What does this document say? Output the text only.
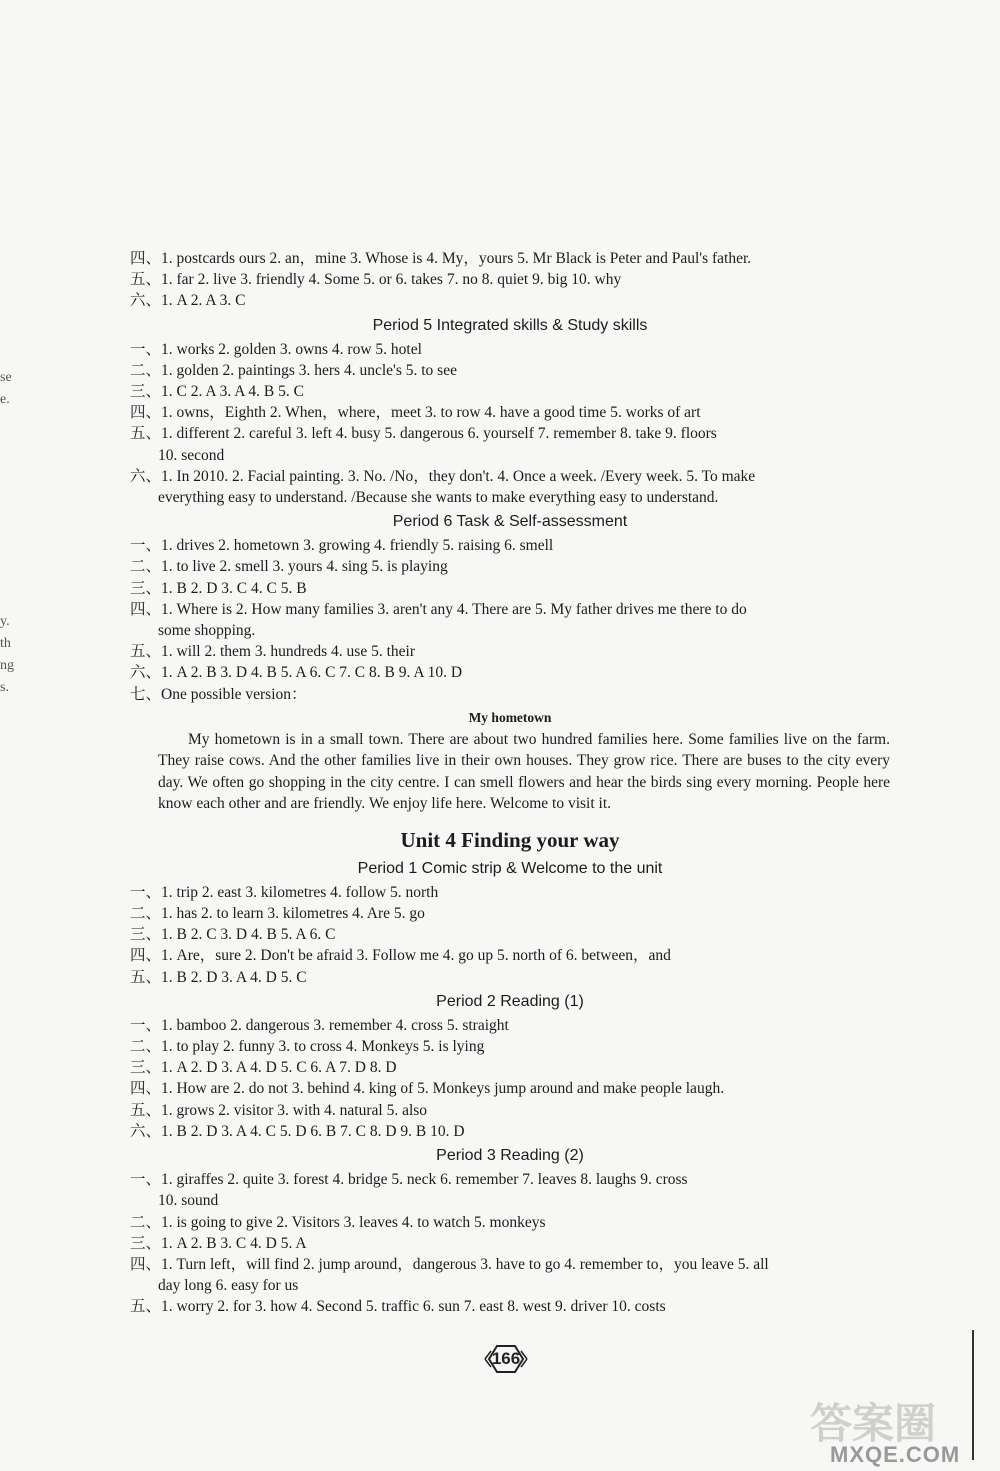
se
e.
y.
th
ng
s.
四、1. postcards ours 2. an，mine 3. Whose is 4. My，yours 5. Mr Black is Peter and Paul's father.
五、1. far 2. live 3. friendly 4. Some 5. or 6. takes 7. no 8. quiet 9. big 10. why
六、1. A 2. A 3. C
Period 5 Integrated skills & Study skills
一、1. works 2. golden 3. owns 4. row 5. hotel
二、1. golden 2. paintings 3. hers 4. uncle's 5. to see
三、1. C 2. A 3. A 4. B 5. C
四、1. owns，Eighth 2. When，where，meet 3. to row 4. have a good time 5. works of art
五、1. different 2. careful 3. left 4. busy 5. dangerous 6. yourself 7. remember 8. take 9. floors
10. second
六、1. In 2010. 2. Facial painting. 3. No. /No，they don't. 4. Once a week. /Every week. 5. To make
everything easy to understand. /Because she wants to make everything easy to understand.
Period 6 Task & Self-assessment
一、1. drives 2. hometown 3. growing 4. friendly 5. raising 6. smell
二、1. to live 2. smell 3. yours 4. sing 5. is playing
三、1. B 2. D 3. C 4. C 5. B
四、1. Where is 2. How many families 3. aren't any 4. There are 5. My father drives me there to do
some shopping.
五、1. will 2. them 3. hundreds 4. use 5. their
六、1. A 2. B 3. D 4. B 5. A 6. C 7. C 8. B 9. A 10. D
七、One possible version：
My hometown
My hometown is in a small town. There are about two hundred families here. Some families live on the farm. They raise cows. And the other families live in their own houses. They grow rice. There are buses to the city every day. We often go shopping in the city centre. I can smell flowers and hear the birds sing every morning. People here know each other and are friendly. We enjoy life here. Welcome to visit it.
Unit 4 Finding your way
Period 1 Comic strip & Welcome to the unit
一、1. trip 2. east 3. kilometres 4. follow 5. north
二、1. has 2. to learn 3. kilometres 4. Are 5. go
三、1. B 2. C 3. D 4. B 5. A 6. C
四、1. Are，sure 2. Don't be afraid 3. Follow me 4. go up 5. north of 6. between，and
五、1. B 2. D 3. A 4. D 5. C
Period 2 Reading (1)
一、1. bamboo 2. dangerous 3. remember 4. cross 5. straight
二、1. to play 2. funny 3. to cross 4. Monkeys 5. is lying
三、1. A 2. D 3. A 4. D 5. C 6. A 7. D 8. D
四、1. How are 2. do not 3. behind 4. king of 5. Monkeys jump around and make people laugh.
五、1. grows 2. visitor 3. with 4. natural 5. also
六、1. B 2. D 3. A 4. C 5. D 6. B 7. C 8. D 9. B 10. D
Period 3 Reading (2)
一、1. giraffes 2. quite 3. forest 4. bridge 5. neck 6. remember 7. leaves 8. laughs 9. cross
10. sound
二、1. is going to give 2. Visitors 3. leaves 4. to watch 5. monkeys
三、1. A 2. B 3. C 4. D 5. A
四、1. Turn left，will find 2. jump around，dangerous 3. have to go 4. remember to，you leave 5. all
day long 6. easy for us
五、1. worry 2. for 3. how 4. Second 5. traffic 6. sun 7. east 8. west 9. driver 10. costs
166
答案圈
MXQE.COM
